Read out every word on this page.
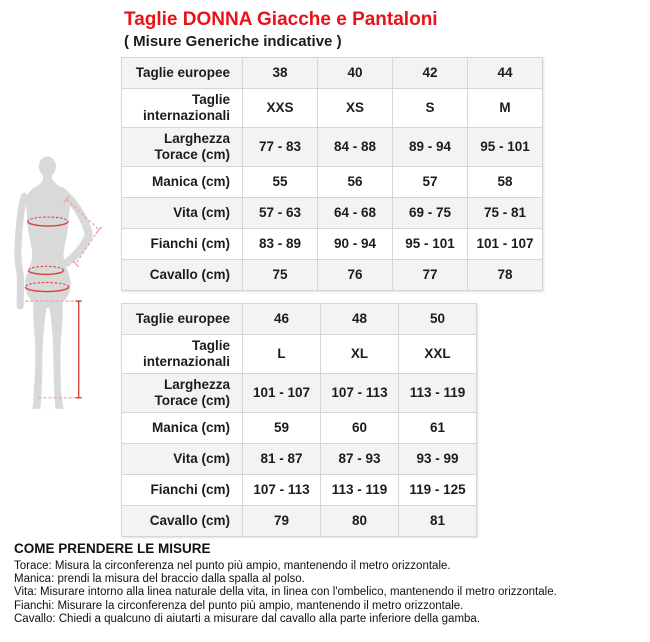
Taglie DONNA Giacche e Pantaloni
( Misure Generiche indicative )
Taglie europee	38	40	42	44
Taglie internazionali	XXS	XS	S	M
Larghezza Torace (cm)	77 - 83	84 - 88	89 - 94	95 - 101
Manica (cm)	55	56	57	58
Vita (cm)	57 - 63	64 - 68	69 - 75	75 - 81
Fianchi (cm)	83 - 89	90 - 94	95 - 101	101 - 107
Cavallo (cm)	75	76	77	78
Taglie europee	46	48	50
Taglie internazionali	L	XL	XXL
Larghezza Torace (cm)	101 - 107	107 - 113	113 - 119
Manica (cm)	59	60	61
Vita (cm)	81 - 87	87 - 93	93 - 99
Fianchi (cm)	107 - 113	113 - 119	119 - 125
Cavallo (cm)	79	80	81
COME PRENDERE LE MISURE
Torace: Misura la circonferenza nel punto più ampio, mantenendo il metro orizzontale.
Manica: prendi la misura del braccio dalla spalla al polso.
Vita: Misurare intorno alla linea naturale della vita, in linea con l'ombelico, mantenendo il metro orizzontale.
Fianchi: Misurare la circonferenza del punto più ampio, mantenendo il metro orizzontale.
Cavallo: Chiedi a qualcuno di aiutarti a misurare dal cavallo alla parte inferiore della gamba.
